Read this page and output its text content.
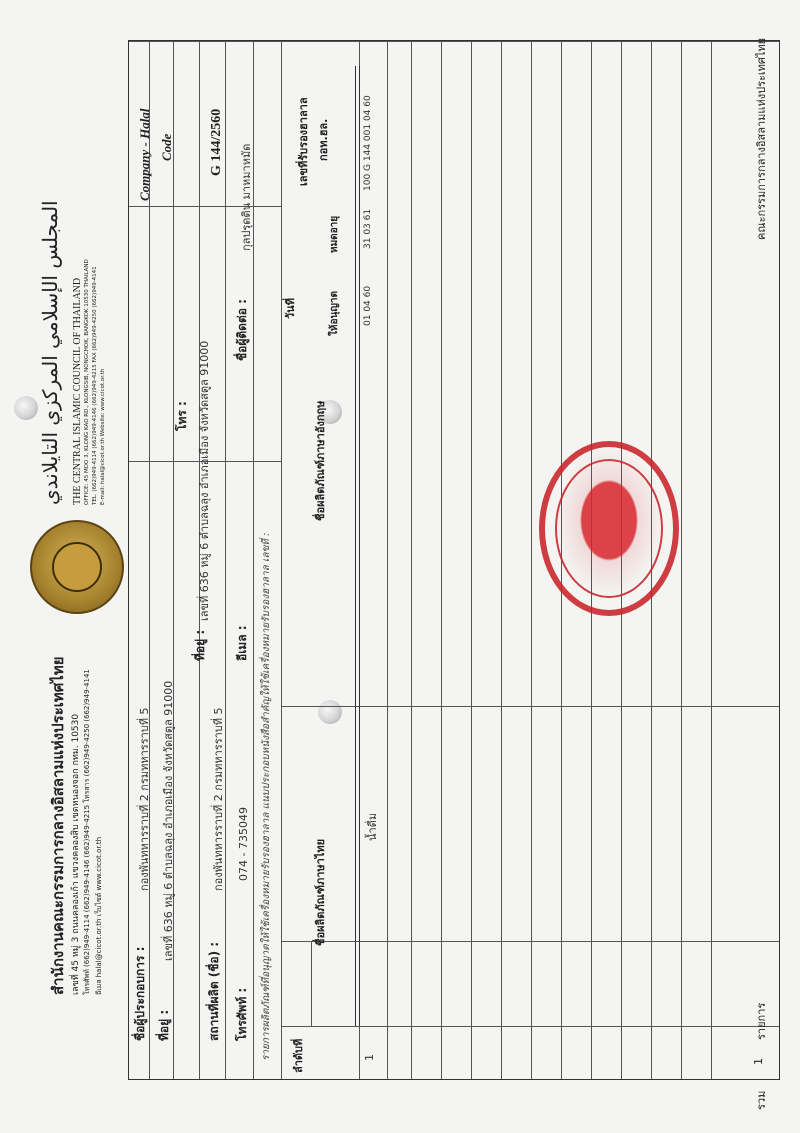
สำนักงานคณะกรรมการกลางอิสลามแห่งประเทศไทย เลขที่ 45 หมู่ 3 ถนนคลองเก้า แขวงคลองสิบ เขตหนองจอก กทม. 10530 โทรศัพท์ (662)949-4114 (662)949-4146 (662)949-4215 โทรสาร (662)949-4250 (662)949-4141 อีเมล halal@cicot.or.th เว็บไซต์ www.cicot.or.th
المجلس الإسلامي المركزي التايلاندي THE CENTRAL ISLAMIC COUNCIL OF THAILAND OFFICE: 45 MOO 3, KLONG KAO RD., KLONGSIB, NONGCHOK, BANGKOK 10530 THAILAND TEL. (662)949-4114 (662)949-4146 (662)949-4215 FAX (662)949-4250 (662)949-4141 E-mail: halal@cicot.or.th Website: www.cicot.or.th
ชื่อผู้ประกอบการ :
กองพันทหารราบที่ 2 กรมทหารราบที่ 5
ที่อยู่ :
เลขที่ 636 หมู่ 6 ตำบลฉลุง อำเภอเมือง จังหวัดสตูล 91000
โทร :
สถานที่ผลิต (ชื่อ) :
กองพันทหารราบที่ 2 กรมทหารราบที่ 5
ที่อยู่ :
เลขที่ 636 หมู่ 6 ตำบลฉลุง อำเภอเมือง จังหวัดสตูล 91000
โทรศัพท์ :
074 - 735049
อีเมล :
ชื่อผู้ติดต่อ :
กุลปรุดติน มาหมาหมัด
รายการผลิตภัณฑ์ที่อนุญาตให้ใช้เครื่องหมายรับรองฮาลาล แนบประกอบหนังสือสำคัญให้ใช้เครื่องหมายรับรองฮาลาล เลขที่ :
Company - Halal Code	G 144/2560
ลำดับที่
ชื่อผลิตภัณฑ์ภาษาไทย
ชื่อผลิตภัณฑ์ภาษาอังกฤษ
วันที่	ให้อนุญาต
หมดอายุ
เลขที่รับรองฮาลาล กอท.ฮล.
1
น้ำดื่ม
01 04 60
31 03 61
100 G 144 001 04 60
รวม
1
รายการ
คณะกรรมการกลางอิสลามแห่งประเทศไทย
